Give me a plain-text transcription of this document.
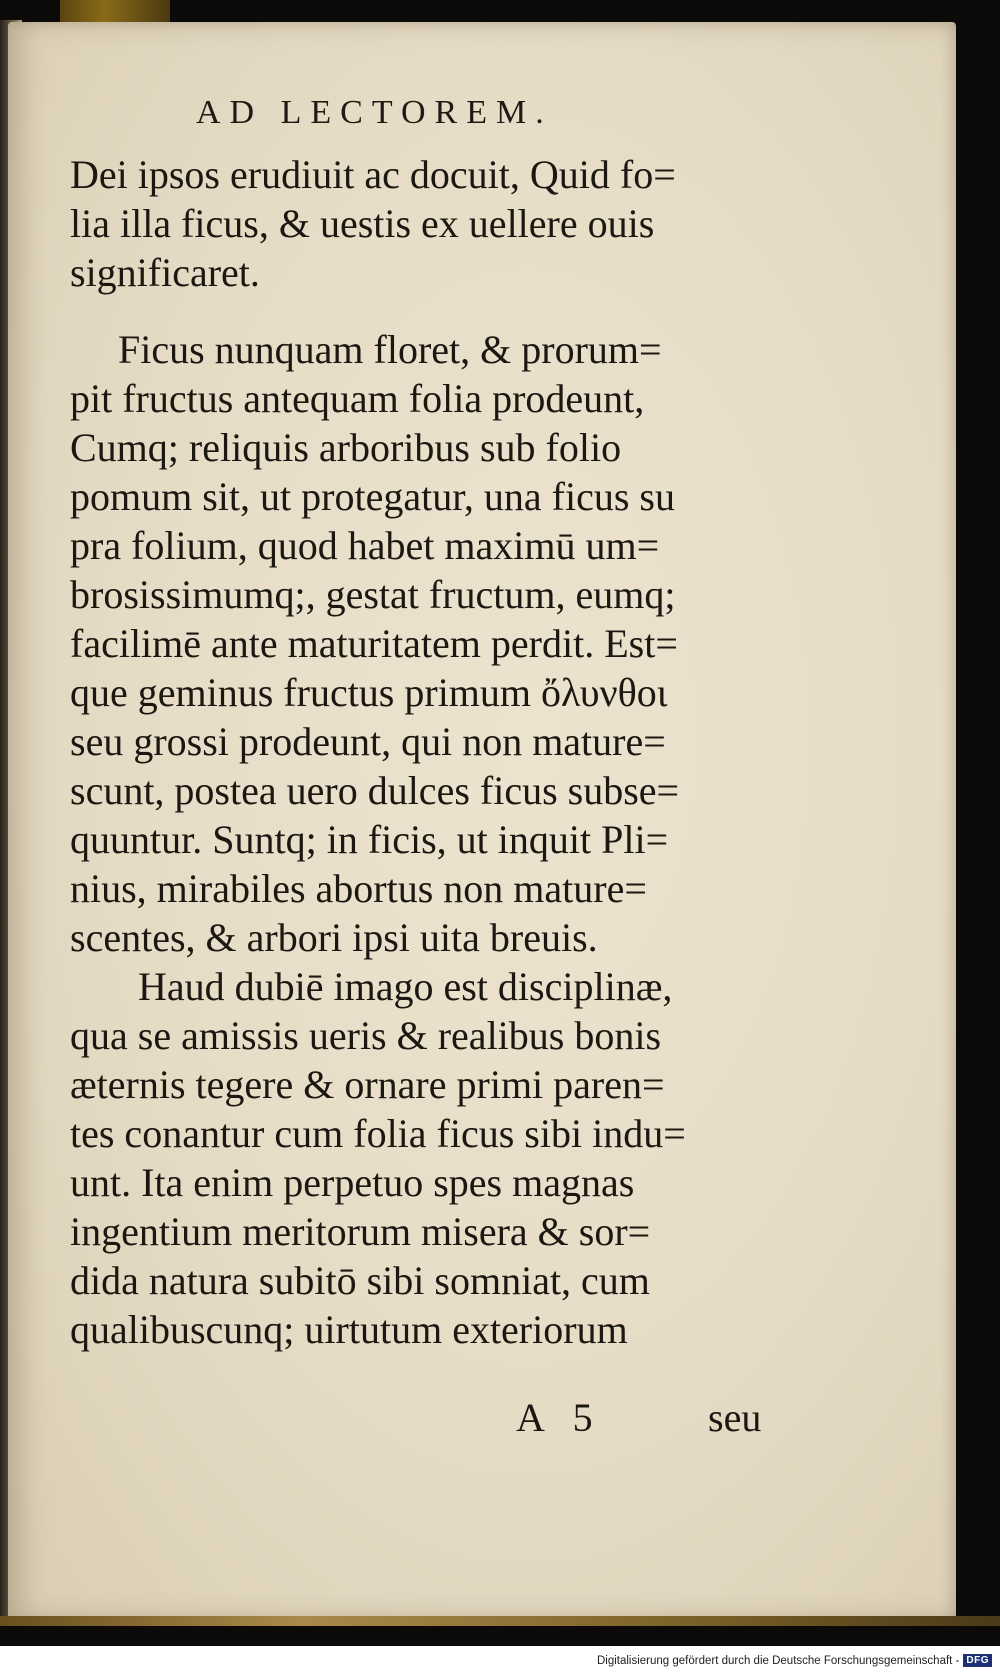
AD LECTOREM.
Dei ipsos erudiuit ac docuit, Quid fo=
lia illa ficus, & uestis ex uellere ouis
significaret.
Ficus nunquam floret, & prorum=
pit fructus antequam folia prodeunt,
Cumq; reliquis arboribus sub folio
pomum sit, ut protegatur, una ficus su
pra folium, quod habet maximū um=
brosissimumq;, gestat fructum, eumq;
facilimē ante maturitatem perdit. Est=
que geminus fructus primum ὄλυνθοι
seu grossi prodeunt, qui non mature=
scunt, postea uero dulces ficus subse=
quuntur. Suntq; in ficis, ut inquit Pli=
nius, mirabiles abortus non mature=
scentes, & arbori ipsi uita breuis.
Haud dubiē imago est disciplinæ,
qua se amissis ueris & realibus bonis
æternis tegere & ornare primi paren=
tes conantur cum folia ficus sibi indu=
unt. Ita enim perpetuo spes magnas
ingentium meritorum misera & sor=
dida natura subitō sibi somniat, cum
qualibuscunq; uirtutum exteriorum
A 5	seu
Digitalisierung gefördert durch die Deutsche Forschungsgemeinschaft - DFG
